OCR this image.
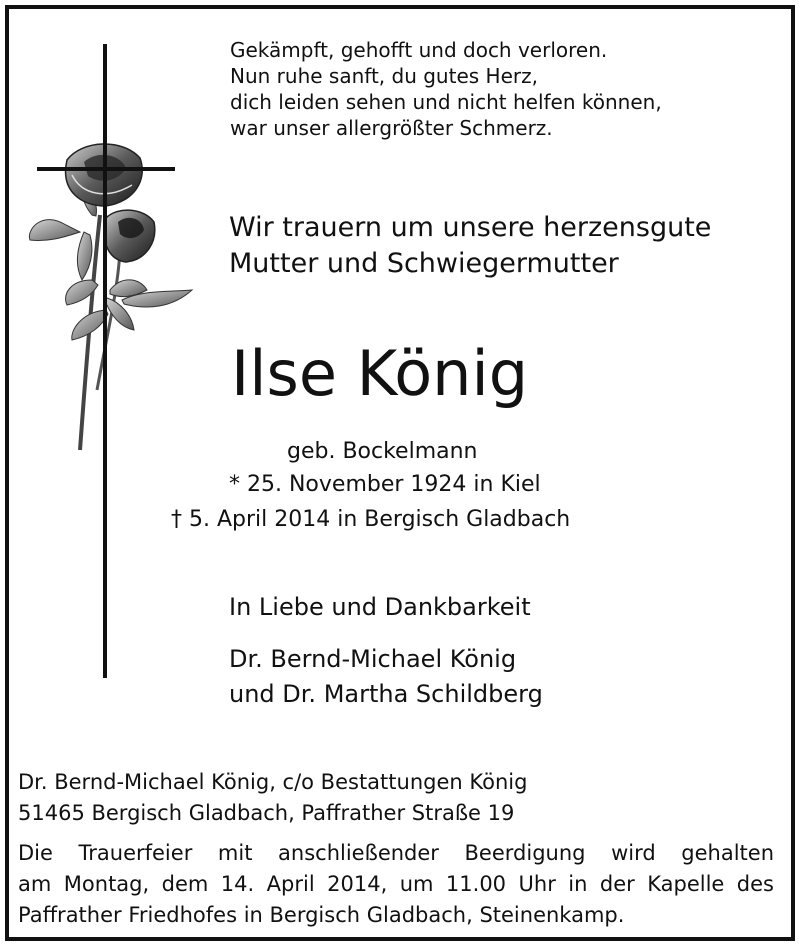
Gekämpft, gehofft und doch verloren.
Nun ruhe sanft, du gutes Herz,
dich leiden sehen und nicht helfen können,
war unser allergrößter Schmerz.
Wir trauern um unsere herzensgute
Mutter und Schwiegermutter
Ilse König
geb. Bockelmann
* 25. November 1924 in Kiel
† 5. April 2014 in Bergisch Gladbach
In Liebe und Dankbarkeit
Dr. Bernd-Michael König
und Dr. Martha Schildberg
Dr. Bernd-Michael König, c/o Bestattungen König
51465 Bergisch Gladbach, Paffrather Straße 19
Die Trauerfeier mit anschließender Beerdigung wird gehalten
am Montag, dem 14. April 2014, um 11.00 Uhr in der Kapelle des
Paffrather Friedhofes in Bergisch Gladbach, Steinenkamp.
